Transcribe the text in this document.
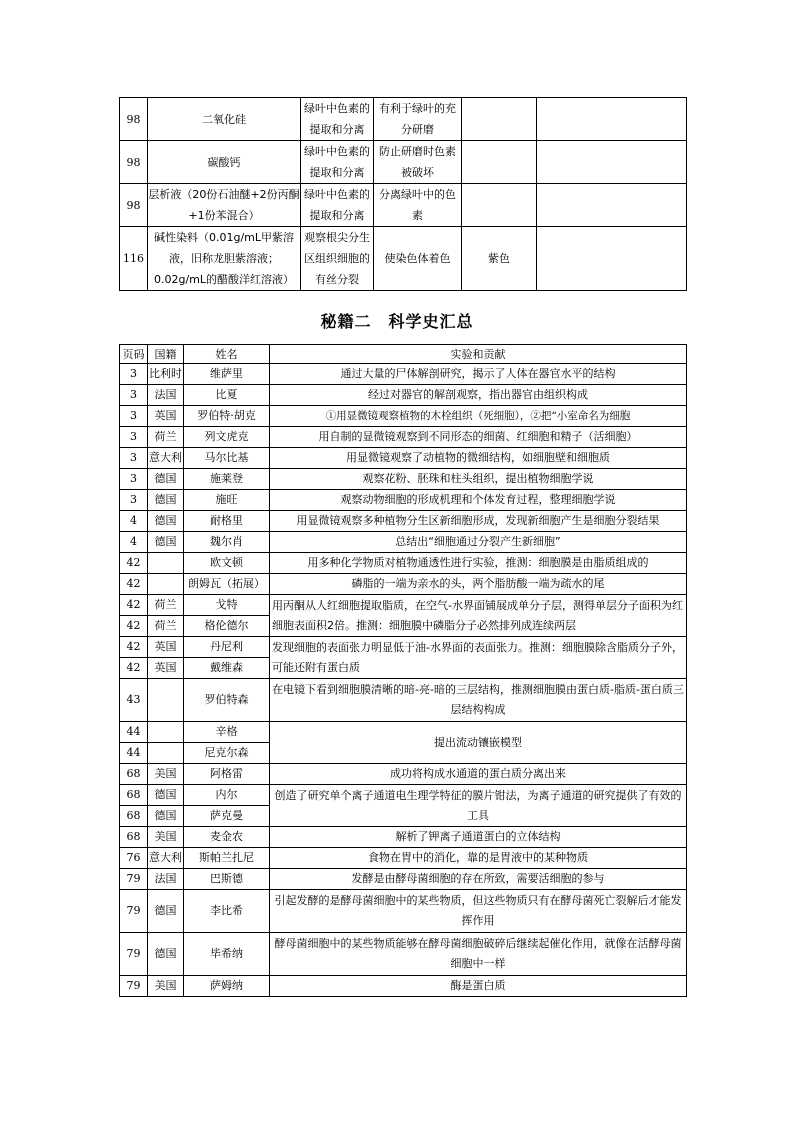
98	二氧化硅	绿叶中色素的提取和分离	有利于绿叶的充分研磨		
98	碳酸钙	绿叶中色素的提取和分离	防止研磨时色素被破坏		
98	层析液（20份石油醚+2份丙酮+1份苯混合）	绿叶中色素的提取和分离	分离绿叶中的色素		
116	碱性染料（0.01g/mL甲紫溶液，旧称龙胆紫溶液；0.02g/mL的醋酸洋红溶液）	观察根尖分生区组织细胞的有丝分裂	使染色体着色	紫色	
秘籍二　科学史汇总
页码	国籍	姓名	实验和贡献
3	比利时	维萨里	通过大量的尸体解剖研究，揭示了人体在器官水平的结构
3	法国	比夏	经过对器官的解剖观察，指出器官由组织构成
3	英国	罗伯特·胡克	①用显微镜观察植物的木栓组织（死细胞），②把“小室命名为细胞
3	荷兰	列文虎克	用自制的显微镜观察到不同形态的细菌、红细胞和精子（活细胞）
3	意大利	马尔比基	用显微镜观察了动植物的微细结构，如细胞壁和细胞质
3	德国	施莱登	观察花粉、胚珠和柱头组织，提出植物细胞学说
3	德国	施旺	观察动物细胞的形成机理和个体发育过程，整理细胞学说
4	德国	耐格里	用显微镜观察多种植物分生区新细胞形成，发现新细胞产生是细胞分裂结果
4	德国	魏尔肖	总结出“细胞通过分裂产生新细胞”
42		欧文顿	用多种化学物质对植物通透性进行实验，推测：细胞膜是由脂质组成的
42		朗姆瓦（拓展）	磷脂的一端为亲水的头，两个脂肪酸一端为疏水的尾
42	荷兰	戈特	用丙酮从人红细胞提取脂质，在空气-水界面铺展成单分子层，测得单层分子面积为红细胞表面积2倍。推测：细胞膜中磷脂分子必然排列成连续两层
42	荷兰	格伦德尔	
42	英国	丹尼利	发现细胞的表面张力明显低于油-水界面的表面张力。推测：细胞膜除含脂质分子外，可能还附有蛋白质
42	英国	戴维森	
43		罗伯特森	在电镜下看到细胞膜清晰的暗-亮-暗的三层结构，推测细胞膜由蛋白质-脂质-蛋白质三层结构构成
44		辛格	提出流动镶嵌模型
44		尼克尔森	
68	美国	阿格雷	成功将构成水通道的蛋白质分离出来
68	德国	内尔	创造了研究单个离子通道电生理学特征的膜片钳法，为离子通道的研究提供了有效的工具
68	德国	萨克曼	
68	美国	麦金农	解析了钾离子通道蛋白的立体结构
76	意大利	斯帕兰扎尼	食物在胃中的消化，靠的是胃液中的某种物质
79	法国	巴斯德	发酵是由酵母菌细胞的存在所致，需要活细胞的参与
79	德国	李比希	引起发酵的是酵母菌细胞中的某些物质，但这些物质只有在酵母菌死亡裂解后才能发挥作用
79	德国	毕希纳	酵母菌细胞中的某些物质能够在酵母菌细胞破碎后继续起催化作用，就像在活酵母菌细胞中一样
79	美国	萨姆纳	酶是蛋白质
